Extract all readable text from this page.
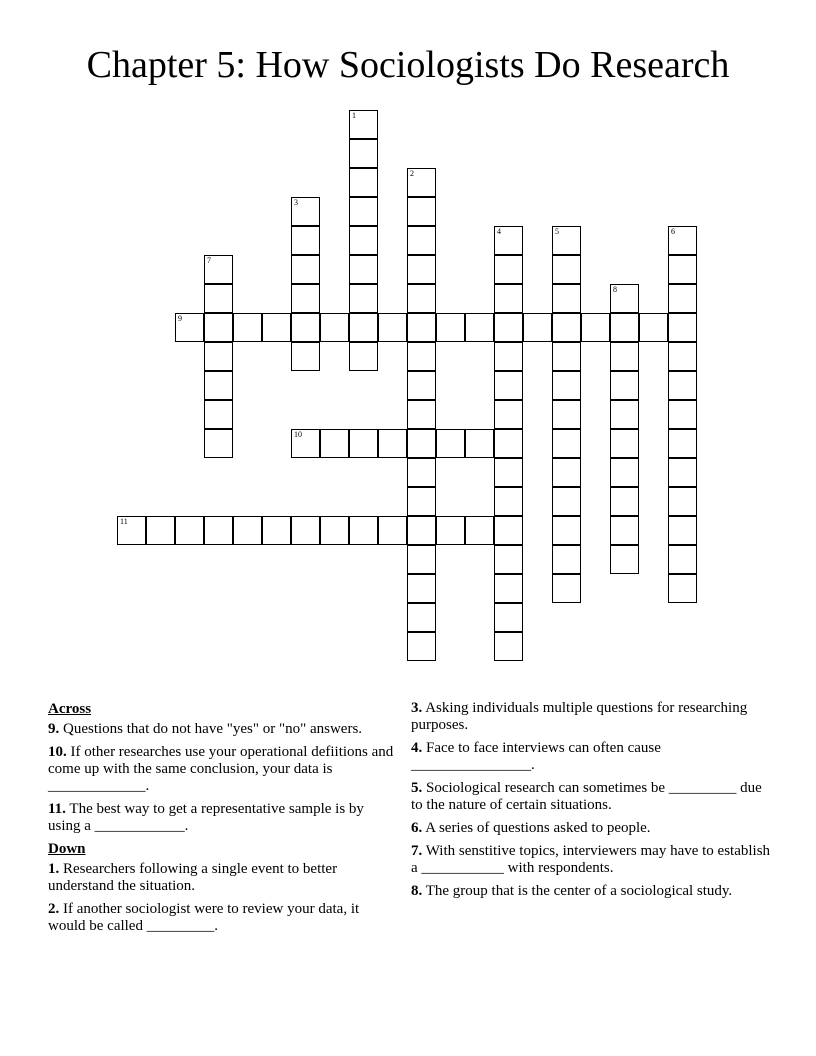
Chapter 5: How Sociologists Do Research
1
2
3
4	5	6
7
8
9
10
11
Across
9. Questions that do not have "yes" or "no" answers.
10. If other researches use your operational defiitions and come up with the same conclusion, your data is _____________.
11. The best way to get a representative sample is by using a ____________.
Down
1. Researchers following a single event to better understand the situation.
2. If another sociologist were to review your data, it would be called _________.
3. Asking individuals multiple questions for researching purposes.
4. Face to face interviews can often cause ________________.
5. Sociological research can sometimes be _________ due to the nature of certain situations.
6. A series of questions asked to people.
7. With senstitive topics, interviewers may have to establish a ___________ with respondents.
8. The group that is the center of a sociological study.
